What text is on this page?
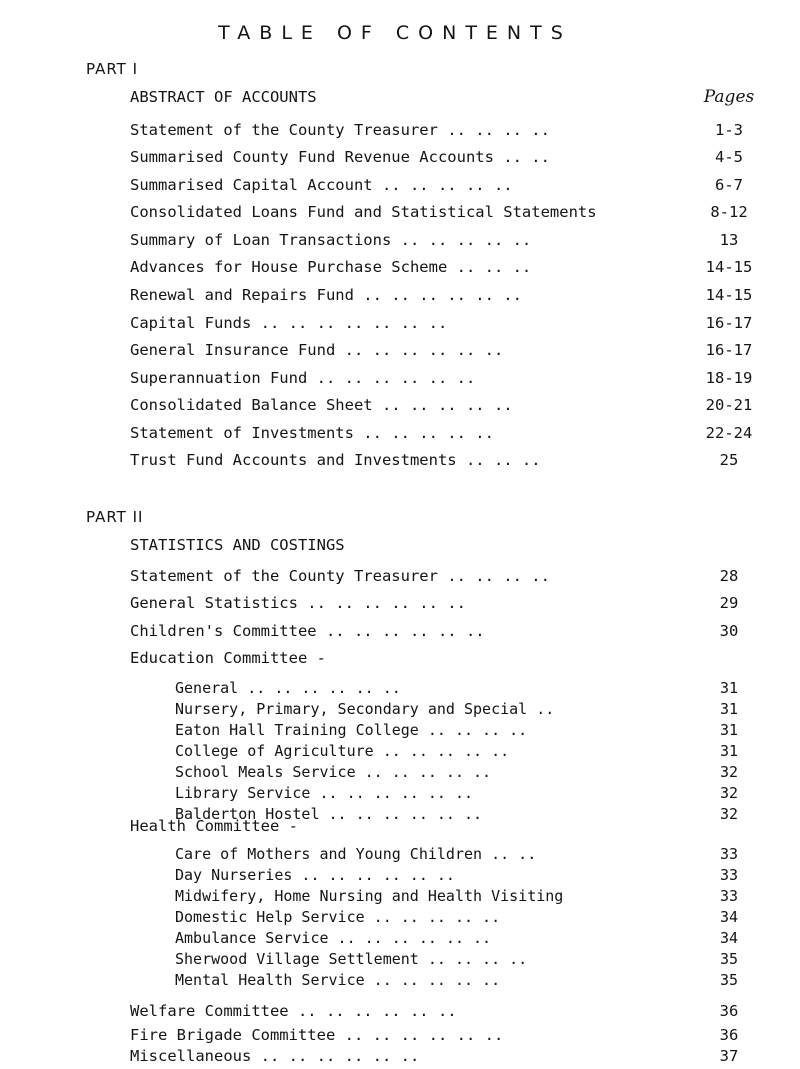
TABLE OF CONTENTS
PART I
ABSTRACT OF ACCOUNTS	Pages
Statement of the County Treasurer .. .. .. ..	1-3
Summarised County Fund Revenue Accounts .. ..	4-5
Summarised Capital Account .. .. .. .. ..	6-7
Consolidated Loans Fund and Statistical Statements	8-12
Summary of Loan Transactions .. .. .. .. ..	13
Advances for House Purchase Scheme .. .. ..	14-15
Renewal and Repairs Fund .. .. .. .. .. ..	14-15
Capital Funds .. .. .. .. .. .. ..	16-17
General Insurance Fund .. .. .. .. .. ..	16-17
Superannuation Fund .. .. .. .. .. ..	18-19
Consolidated Balance Sheet .. .. .. .. ..	20-21
Statement of Investments .. .. .. .. ..	22-24
Trust Fund Accounts and Investments .. .. ..	25
PART II
STATISTICS AND COSTINGS
Statement of the County Treasurer .. .. .. ..	28
General Statistics .. .. .. .. .. ..	29
Children's Committee .. .. .. .. .. ..	30
Education Committee -
General .. .. .. .. .. ..	31
Nursery, Primary, Secondary and Special ..	31
Eaton Hall Training College .. .. .. ..	31
College of Agriculture .. .. .. .. ..	31
School Meals Service .. .. .. .. ..	32
Library Service .. .. .. .. .. ..	32
Balderton Hostel .. .. .. .. .. ..	32
Health Committee -
Care of Mothers and Young Children .. ..	33
Day Nurseries .. .. .. .. .. ..	33
Midwifery, Home Nursing and Health Visiting	33
Domestic Help Service .. .. .. .. ..	34
Ambulance Service .. .. .. .. .. ..	34
Sherwood Village Settlement .. .. .. ..	35
Mental Health Service .. .. .. .. ..	35
Welfare Committee .. .. .. .. .. ..	36
Fire Brigade Committee .. .. .. .. .. ..	36
Miscellaneous .. .. .. .. .. ..	37
